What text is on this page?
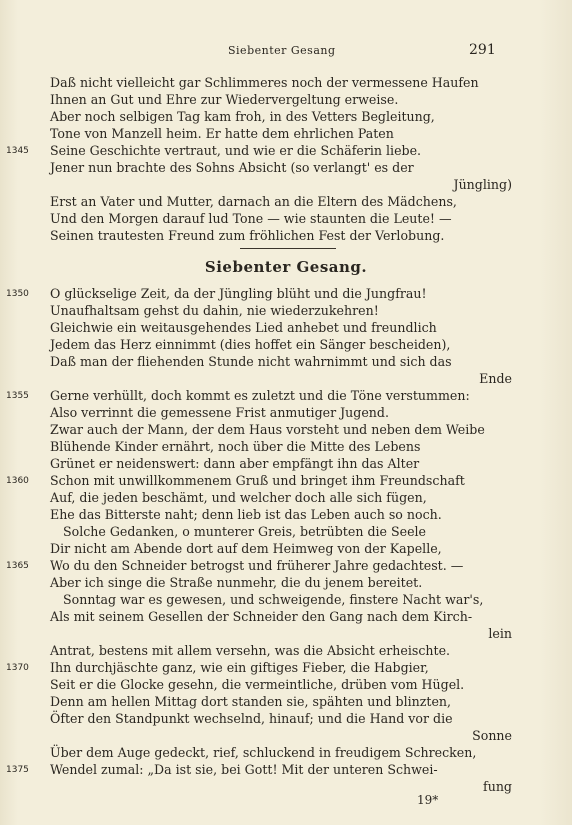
Siebenter Gesang	291
Daß nicht vielleicht gar Schlimmeres noch der vermessene Haufen
Ihnen an Gut und Ehre zur Wiedervergeltung erweise.
Aber noch selbigen Tag kam froh, in des Vetters Begleitung,
Tone von Manzell heim. Er hatte dem ehrlichen Paten
1345 Seine Geschichte vertraut, und wie er die Schäferin liebe.
Jener nun brachte des Sohns Absicht (so verlangt' es der
Jüngling)
Erst an Vater und Mutter, darnach an die Eltern des Mädchens,
Und den Morgen darauf lud Tone — wie staunten die Leute! —
Seinen trautesten Freund zum fröhlichen Fest der Verlobung.
Siebenter Gesang.
1350 O glückselige Zeit, da der Jüngling blüht und die Jungfrau!
Unaufhaltsam gehst du dahin, nie wiederzukehren!
Gleichwie ein weitausgehendes Lied anhebet und freundlich
Jedem das Herz einnimmt (dies hoffet ein Sänger bescheiden),
Daß man der fliehenden Stunde nicht wahrnimmt und sich das
Ende
1355 Gerne verhüllt, doch kommt es zuletzt und die Töne verstummen:
Also verrinnt die gemessene Frist anmutiger Jugend.
Zwar auch der Mann, der dem Haus vorsteht und neben dem Weibe
Blühende Kinder ernährt, noch über die Mitte des Lebens
Grünet er neidenswert: dann aber empfängt ihn das Alter
1360 Schon mit unwillkommenem Gruß und bringet ihm Freundschaft
Auf, die jeden beschämt, und welcher doch alle sich fügen,
Ehe das Bitterste naht; denn lieb ist das Leben auch so noch.
Solche Gedanken, o munterer Greis, betrübten die Seele
Dir nicht am Abende dort auf dem Heimweg von der Kapelle,
1365 Wo du den Schneider betrogst und früherer Jahre gedachtest. —
Aber ich singe die Straße nunmehr, die du jenem bereitet.
Sonntag war es gewesen, und schweigende, finstere Nacht war's,
Als mit seinem Gesellen der Schneider den Gang nach dem Kirch-
lein
Antrat, bestens mit allem versehn, was die Absicht erheischte.
1370 Ihn durchjäschte ganz, wie ein giftiges Fieber, die Habgier,
Seit er die Glocke gesehn, die vermeintliche, drüben vom Hügel.
Denn am hellen Mittag dort standen sie, spähten und blinzten,
Öfter den Standpunkt wechselnd, hinauf; und die Hand vor die
Sonne
Über dem Auge gedeckt, rief, schluckend in freudigem Schrecken,
1375 Wendel zumal: „Da ist sie, bei Gott! Mit der unteren Schwei-
fung
19*
